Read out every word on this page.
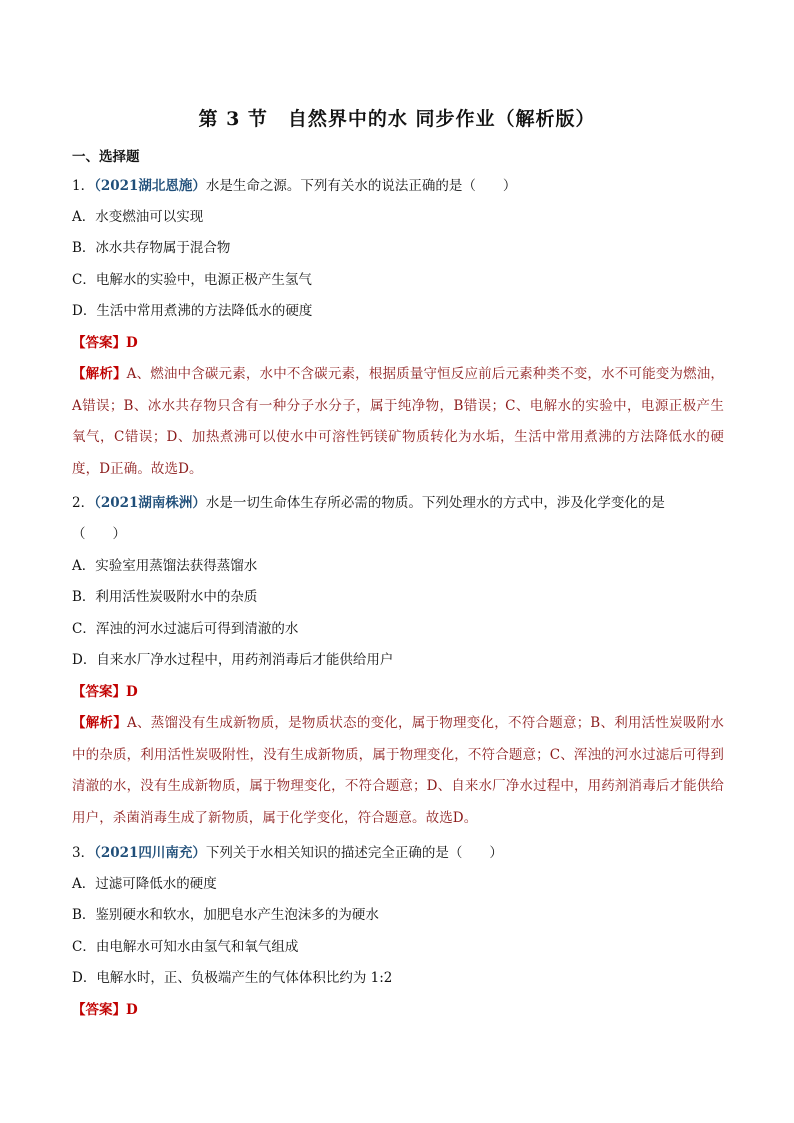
第 3 节　自然界中的水 同步作业（解析版）
一、选择题
1．（2021湖北恩施）水是生命之源。下列有关水的说法正确的是（　　）
A．水变燃油可以实现
B．冰水共存物属于混合物
C．电解水的实验中，电源正极产生氢气
D．生活中常用煮沸的方法降低水的硬度
【答案】D
【解析】A、燃油中含碳元素，水中不含碳元素，根据质量守恒反应前后元素种类不变，水不可能变为燃油，A错误；B、冰水共存物只含有一种分子水分子，属于纯净物，B错误；C、电解水的实验中，电源正极产生氧气，C错误；D、加热煮沸可以使水中可溶性钙镁矿物质转化为水垢，生活中常用煮沸的方法降低水的硬度，D正确。故选D。
2．（2021湖南株洲）水是一切生命体生存所必需的物质。下列处理水的方式中，涉及化学变化的是
（　　）
A．实验室用蒸馏法获得蒸馏水
B．利用活性炭吸附水中的杂质
C．浑浊的河水过滤后可得到清澈的水
D．自来水厂净水过程中，用药剂消毒后才能供给用户
【答案】D
【解析】A、蒸馏没有生成新物质，是物质状态的变化，属于物理变化，不符合题意；B、利用活性炭吸附水中的杂质，利用活性炭吸附性，没有生成新物质，属于物理变化，不符合题意；C、浑浊的河水过滤后可得到清澈的水，没有生成新物质，属于物理变化，不符合题意；D、自来水厂净水过程中，用药剂消毒后才能供给用户，杀菌消毒生成了新物质，属于化学变化，符合题意。故选D。
3．（2021四川南充）下列关于水相关知识的描述完全正确的是（　　）
A．过滤可降低水的硬度
B．鉴别硬水和软水，加肥皂水产生泡沫多的为硬水
C．由电解水可知水由氢气和氧气组成
D．电解水时，正、负极端产生的气体体积比约为 1:2
【答案】D
